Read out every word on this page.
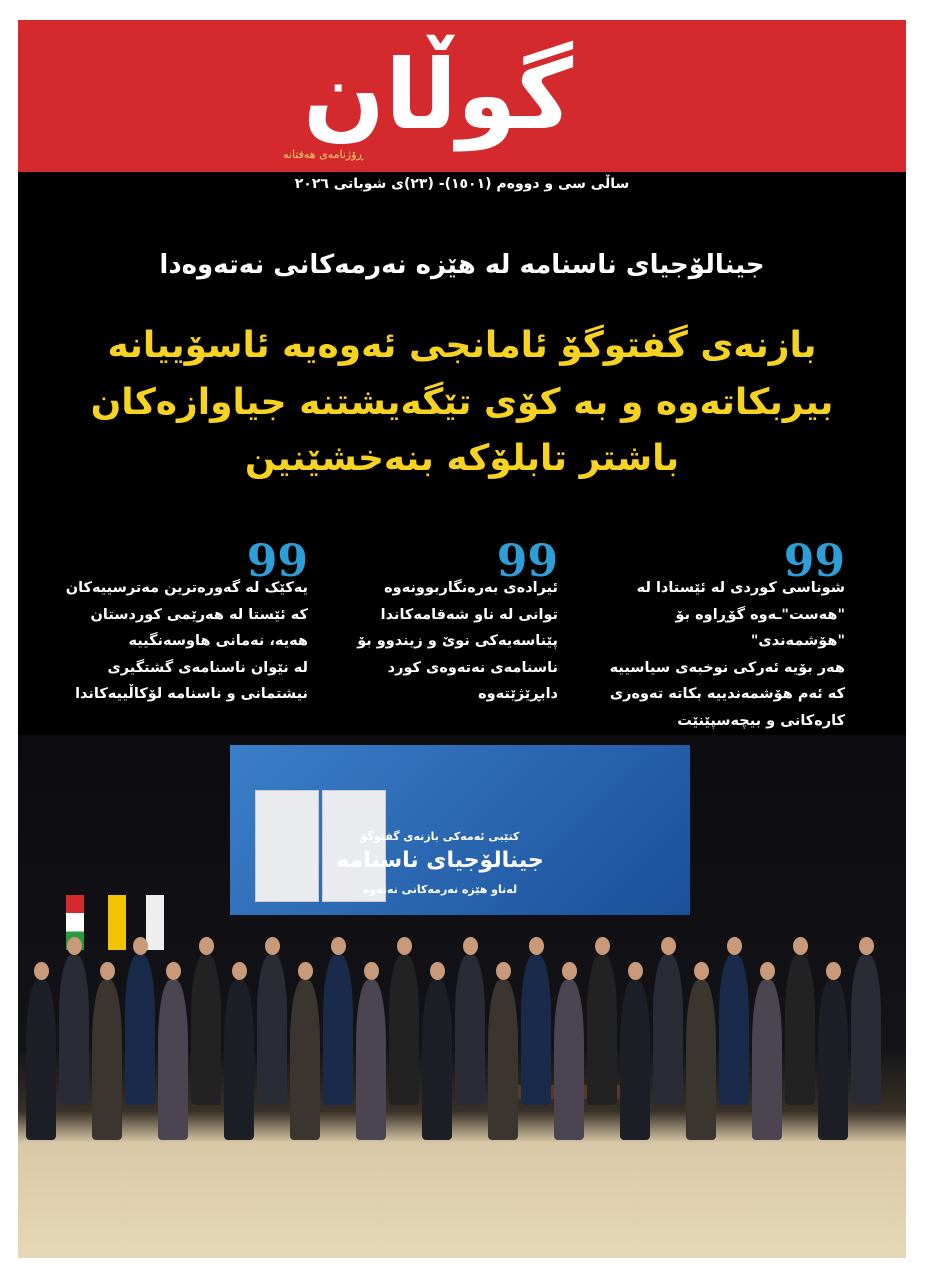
گوڵان
ڕۆژنامەی هەفتانە
ساڵی سی و دووەم (١٥٠١)- (٢٣)ی شوباتی ٢٠٢٦
جینالۆجیای ناسنامە لە هێزە نەرمەکانی نەتەوەدا
بازنەی گفتوگۆ ئامانجی ئەوەیە ئاسۆییانە
بیربکاتەوە و بە کۆی تێگەیشتنە جیاوازەکان
باشتر تابلۆکە بنەخشێنین
99
شوناسی کوردی لە ئێستادا لە
"هەست"ـەوە گۆڕاوە بۆ "هۆشمەندی"
هەر بۆیە ئەرکی نوخبەی سیاسییە
کە ئەم هۆشمەندییە بکاتە تەوەری
کارەکانی و بیچەسپێنێت
99
ئیرادەی بەرەنگاربوونەوە
توانی لە ناو شەقامەکاندا
پێناسەیەکی نوێ و زیندوو بۆ
ناسنامەی نەتەوەی کورد
دابڕێژێتەوە
99
یەکێک لە گەورەترین مەترسییەکان
کە ئێستا لە هەرێمی کوردستان
هەیە، نەمانی هاوسەنگییە
لە نێوان ناسنامەی گشتگیری
نیشتمانی و ناسنامە لۆکاڵییەکاندا
کتێبی ئەمەکی بازنەی گفتوگۆ
جینالۆجیای ناسنامە
لەناو هێزە نەرمەکانی نەتەوە
